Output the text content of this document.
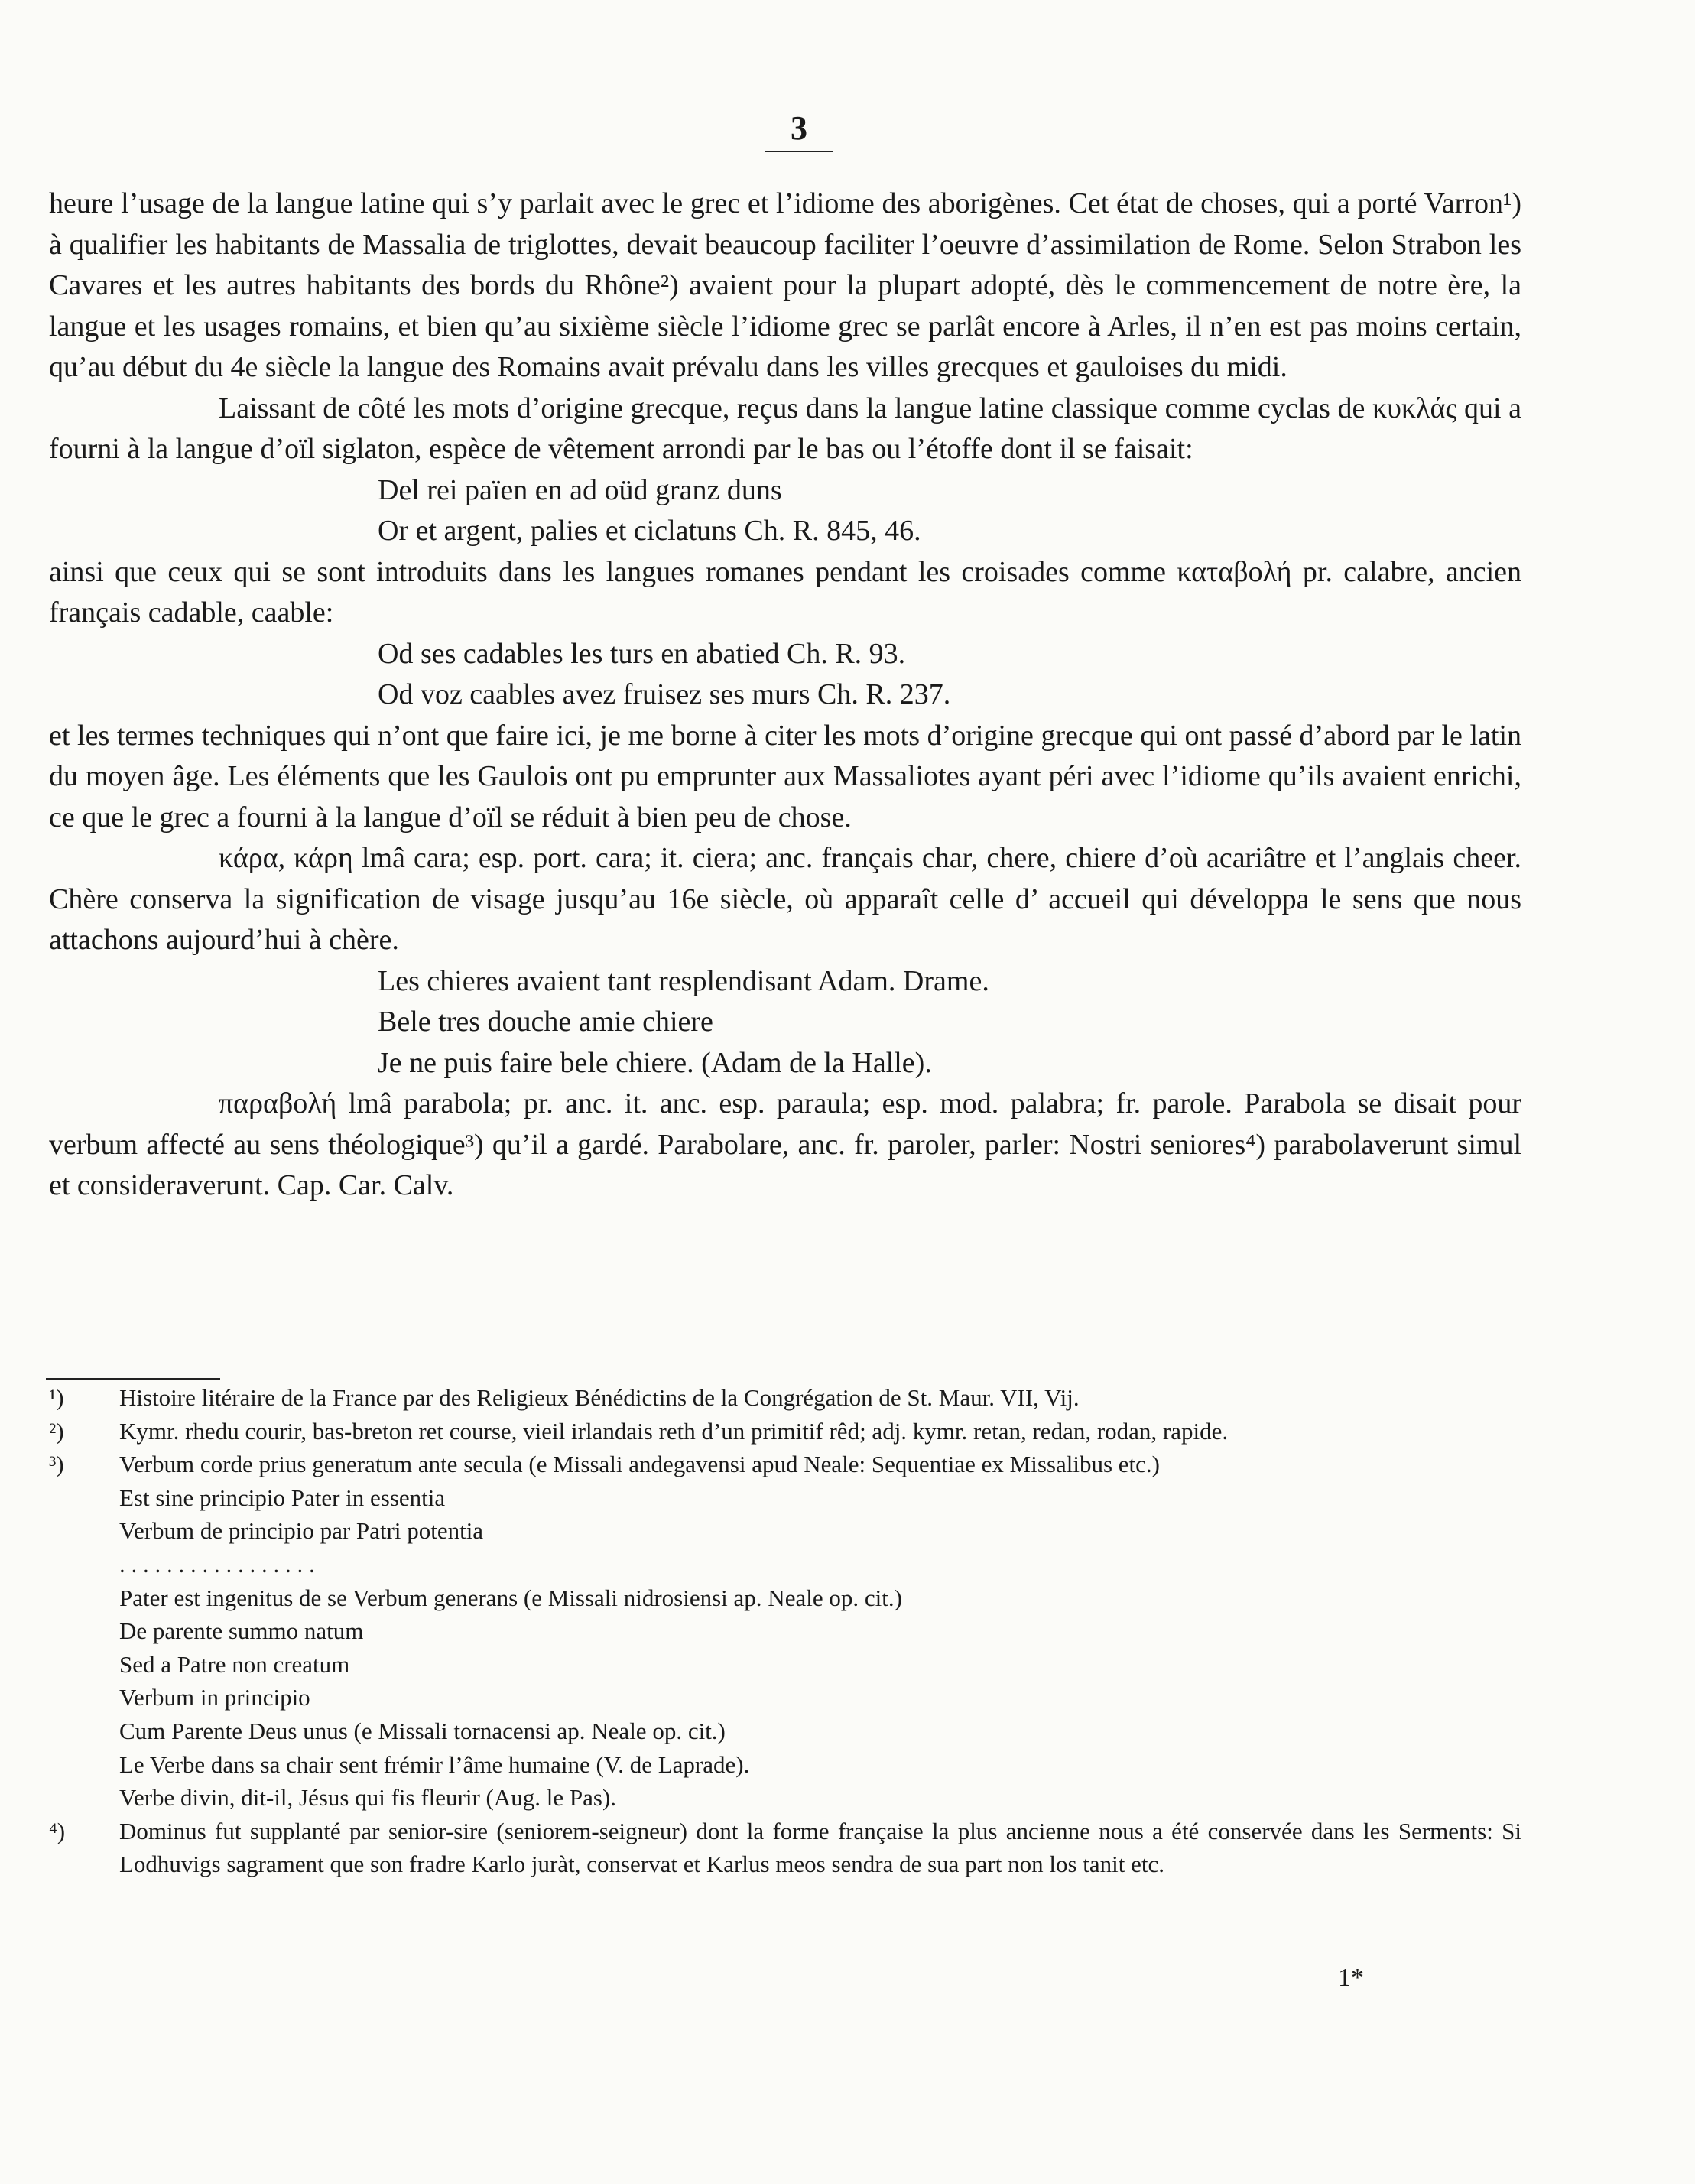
3

heure l’usage de la langue latine qui s’y parlait avec le grec et l’idiome des aborigènes. Cet état de choses, qui a porté Varron¹) à qualifier les habitants de Massalia de triglottes, devait beaucoup faciliter l’oeuvre d’assimilation de Rome. Selon Strabon les Cavares et les autres habitants des bords du Rhône²) avaient pour la plupart adopté, dès le commencement de notre ère, la langue et les usages romains, et bien qu’au sixième siècle l’idiome grec se parlât encore à Arles, il n’en est pas moins certain, qu’au début du 4e siècle la langue des Romains avait prévalu dans les villes grecques et gauloises du midi.

Laissant de côté les mots d’origine grecque, reçus dans la langue latine classique comme cyclas de κυκλάς qui a fourni à la langue d’oïl siglaton, espèce de vêtement arrondi par le bas ou l’étoffe dont il se faisait:

Del rei païen en ad oüd granz duns
Or et argent, palies et ciclatuns Ch. R. 845, 46.

ainsi que ceux qui se sont introduits dans les langues romanes pendant les croisades comme καταβολή pr. calabre, ancien français cadable, caable:

Od ses cadables les turs en abatied Ch. R. 93.
Od voz caables avez fruisez ses murs Ch. R. 237.

et les termes techniques qui n’ont que faire ici, je me borne à citer les mots d’origine grecque qui ont passé d’abord par le latin du moyen âge. Les éléments que les Gaulois ont pu emprunter aux Massaliotes ayant péri avec l’idiome qu’ils avaient enrichi, ce que le grec a fourni à la langue d’oïl se réduit à bien peu de chose.

κάρα, κάρη lmâ cara; esp. port. cara; it. ciera; anc. français char, chere, chiere d’où acariâtre et l’anglais cheer. Chère conserva la signification de visage jusqu’au 16e siècle, où apparaît celle d’ accueil qui développa le sens que nous attachons aujourd’hui à chère.

Les chieres avaient tant resplendisant Adam. Drame.
Bele tres douche amie chiere
Je ne puis faire bele chiere. (Adam de la Halle).

παραβολή lmâ parabola; pr. anc. it. anc. esp. paraula; esp. mod. palabra; fr. parole. Parabola se disait pour verbum affecté au sens théologique³) qu’il a gardé. Parabolare, anc. fr. paroler, parler: Nostri seniores⁴) parabolaverunt simul et consideraverunt. Cap. Car. Calv.

¹)	Histoire litéraire de la France par des Religieux Bénédictins de la Congrégation de St. Maur. VII, Vij.
²)	Kymr. rhedu courir, bas-breton ret course, vieil irlandais reth d’un primitif rêd; adj. kymr. retan, redan, rodan, rapide.
³)	Verbum corde prius generatum ante secula (e Missali andegavensi apud Neale: Sequentiae ex Missalibus etc.)
Est sine principio Pater in essentia
Verbum de principio par Patri potentia
. . . . . . . . . . . . . . . . .
Pater est ingenitus de se Verbum generans (e Missali nidrosiensi ap. Neale op. cit.)
De parente summo natum
Sed a Patre non creatum
Verbum in principio
Cum Parente Deus unus (e Missali tornacensi ap. Neale op. cit.)
Le Verbe dans sa chair sent frémir l’âme humaine (V. de Laprade).
Verbe divin, dit-il, Jésus qui fis fleurir (Aug. le Pas).
⁴)	Dominus fut supplanté par senior-sire (seniorem-seigneur) dont la forme française la plus ancienne nous a été conservée dans les Serments: Si Lodhuvigs sagrament que son fradre Karlo juràt, conservat et Karlus meos sendra de sua part non los tanit etc.
1*
